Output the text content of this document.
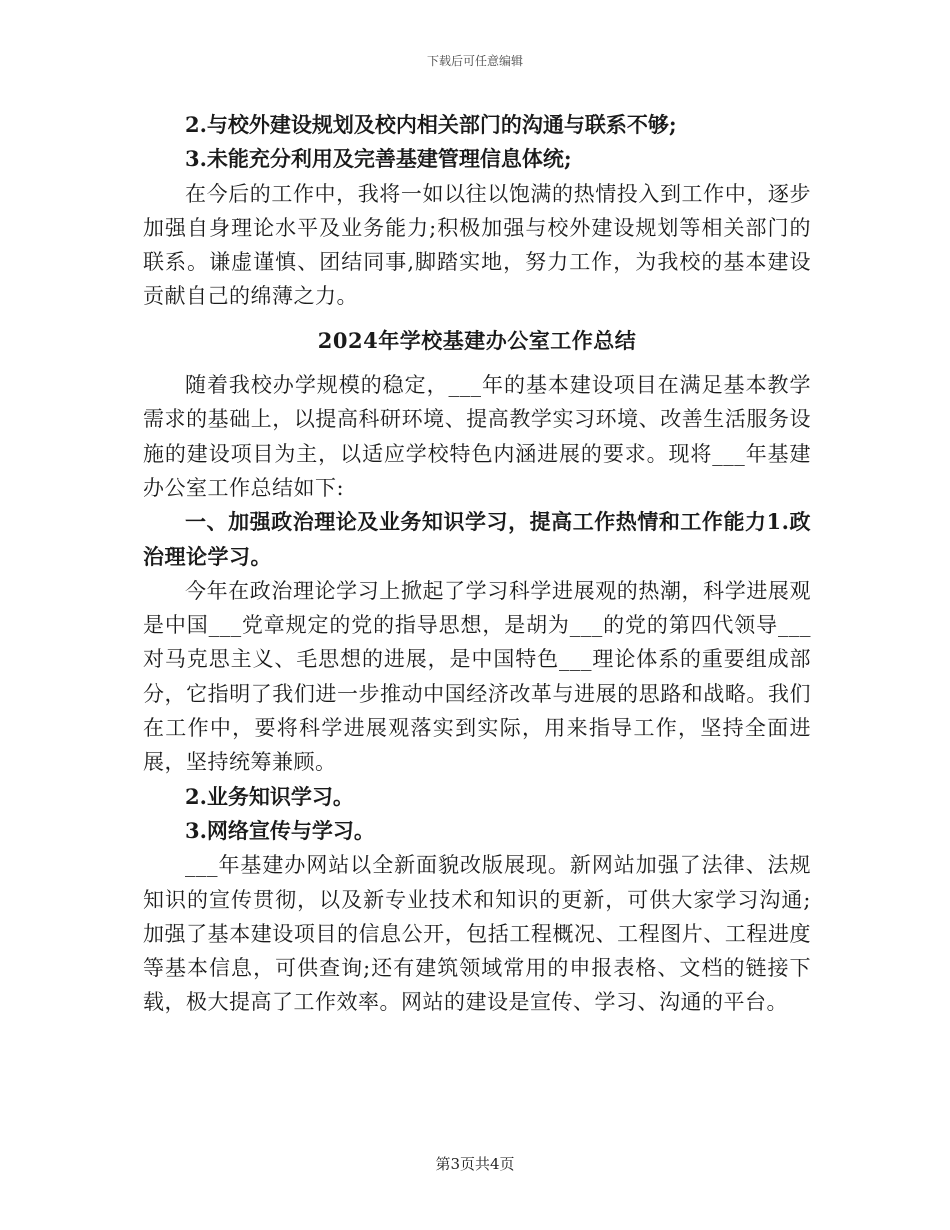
下载后可任意编辑

2.与校外建设规划及校内相关部门的沟通与联系不够;

3.未能充分利用及完善基建管理信息体统;

在今后的工作中，我将一如以往以饱满的热情投入到工作中，逐步加强自身理论水平及业务能力;积极加强与校外建设规划等相关部门的联系。谦虚谨慎、团结同事,脚踏实地，努力工作，为我校的基本建设贡献自己的绵薄之力。

2024年学校基建办公室工作总结

随着我校办学规模的稳定，___年的基本建设项目在满足基本教学需求的基础上，以提高科研环境、提高教学实习环境、改善生活服务设施的建设项目为主，以适应学校特色内涵进展的要求。现将___年基建办公室工作总结如下:

一、加强政治理论及业务知识学习，提高工作热情和工作能力1.政治理论学习。

今年在政治理论学习上掀起了学习科学进展观的热潮，科学进展观是中国___党章规定的党的指导思想，是胡为___的党的第四代领导___对马克思主义、毛思想的进展，是中国特色___理论体系的重要组成部分，它指明了我们进一步推动中国经济改革与进展的思路和战略。我们在工作中，要将科学进展观落实到实际，用来指导工作，坚持全面进展，坚持统筹兼顾。

2.业务知识学习。

3.网络宣传与学习。

___年基建办网站以全新面貌改版展现。新网站加强了法律、法规知识的宣传贯彻，以及新专业技术和知识的更新，可供大家学习沟通;加强了基本建设项目的信息公开，包括工程概况、工程图片、工程进度等基本信息，可供查询;还有建筑领域常用的申报表格、文档的链接下载，极大提高了工作效率。网站的建设是宣传、学习、沟通的平台。

第3页共4页
